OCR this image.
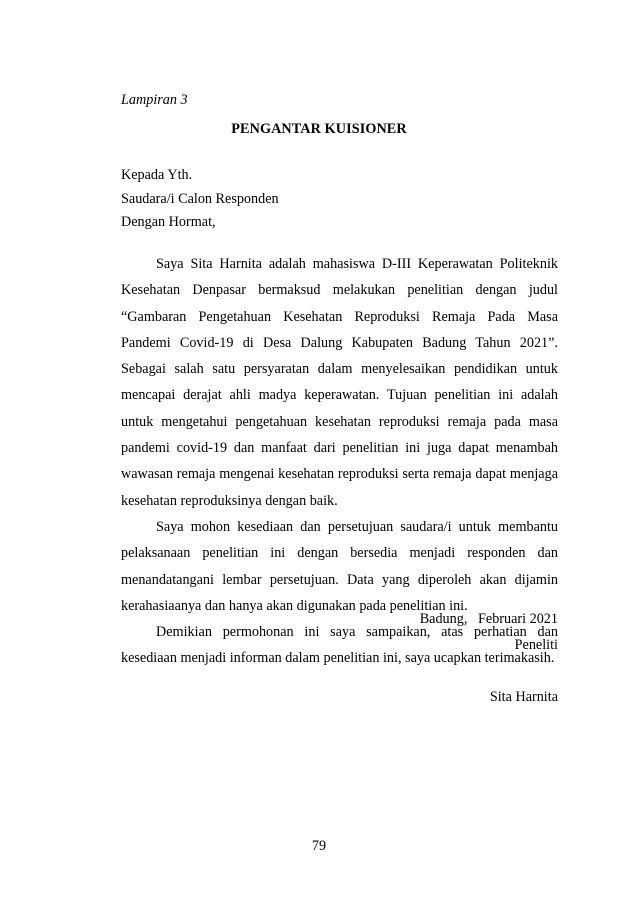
Lampiran 3
PENGANTAR KUISIONER
Kepada Yth.
Saudara/i Calon Responden
Dengan Hormat,

Saya Sita Harnita adalah mahasiswa D-III Keperawatan Politeknik Kesehatan Denpasar bermaksud melakukan penelitian dengan judul “Gambaran Pengetahuan Kesehatan Reproduksi Remaja Pada Masa Pandemi Covid-19 di Desa Dalung Kabupaten Badung Tahun 2021”. Sebagai salah satu persyaratan dalam menyelesaikan pendidikan untuk mencapai derajat ahli madya keperawatan. Tujuan penelitian ini adalah untuk mengetahui pengetahuan kesehatan reproduksi remaja pada masa pandemi covid-19 dan manfaat dari penelitian ini juga dapat menambah wawasan remaja mengenai kesehatan reproduksi serta remaja dapat menjaga kesehatan reproduksinya dengan baik.

Saya mohon kesediaan dan persetujuan saudara/i untuk membantu pelaksanaan penelitian ini dengan bersedia menjadi responden dan menandatangani lembar persetujuan. Data yang diperoleh akan dijamin kerahasiaanya dan hanya akan digunakan pada penelitian ini.

Demikian permohonan ini saya sampaikan, atas perhatian dan kesediaan menjadi informan dalam penelitian ini, saya ucapkan terimakasih.

Badung,   Februari 2021
Peneliti
Sita Harnita
79
